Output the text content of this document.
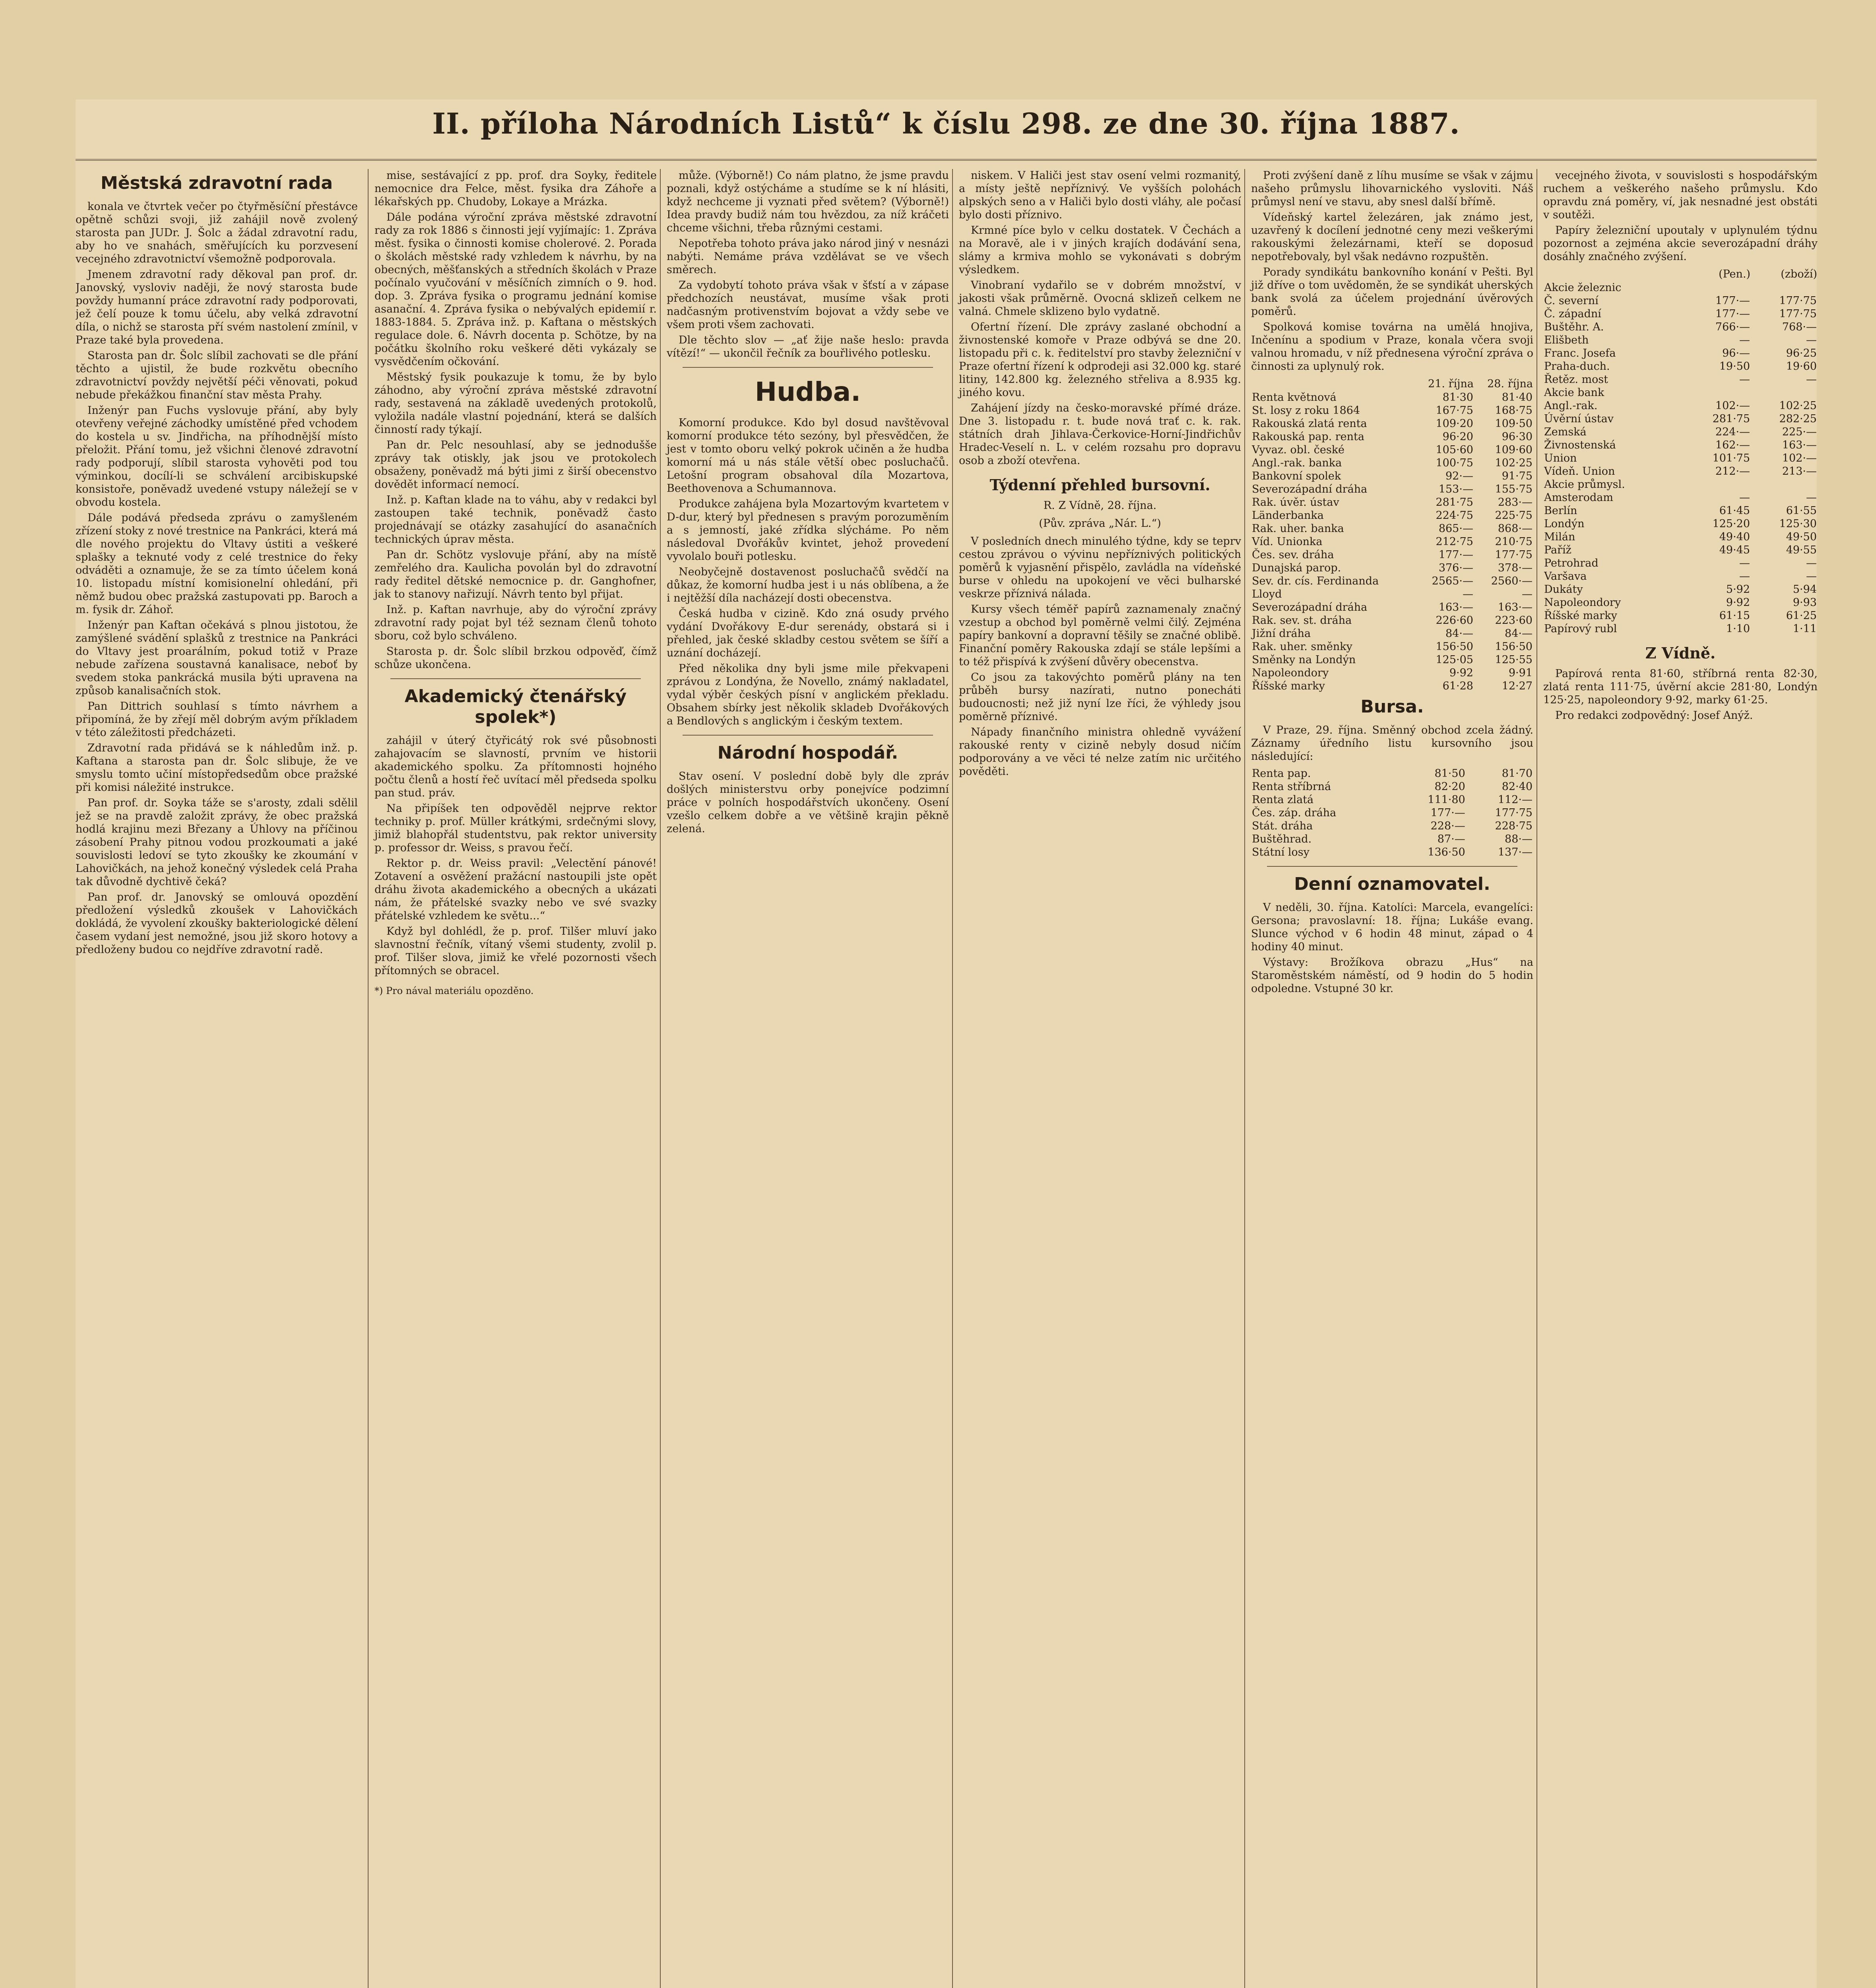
II. příloha Národních Listů“ k číslu 298. ze dne 30. října 1887.
Městská zdravotní rada

konala ve čtvrtek večer po čtyřměsíční přestávce opětně schůzi svoji, již zahájil nově zvolený starosta pan JUDr. J. Šolc a žádal zdravotní radu, aby ho ve snahách, směřujících ku porzvesení vecejného zdravotnictví všemožně podporovala.

Jmenem zdravotní rady děkoval pan prof. dr. Janovský, vysloviv naději, že nový starosta bude povždy humanní práce zdravotní rady podporovati, jež čelí pouze k tomu účelu, aby velká zdravotní díla, o nichž se starosta pří svém nastolení zmínil, v Praze také byla provedena.

Starosta pan dr. Šolc slíbil zachovati se dle přání těchto a ujistil, že bude rozkvětu obecního zdravotnictví povždy největší péči věnovati, pokud nebude překážkou finanční stav města Prahy.

Inženýr pan Fuchs vyslovuje přání, aby byly otevřeny veřejné záchodky umístěné před vchodem do kostela u sv. Jindřicha, na příhodnější místo přeložit. Přání tomu, jež všichni členové zdravotní rady podporují, slíbil starosta vyhověti pod tou výminkou, docílí-li se schválení arcibiskupské konsistoře, poněvadž uvedené vstupy náležejí se v obvodu kostela.

Dále podává předseda zprávu o zamyšleném zřízení stoky z nové trestnice na Pankráci, která má dle nového projektu do Vltavy ústiti a veškeré splašky a teknuté vody z celé trestnice do řeky odváděti a oznamuje, že se za tímto účelem koná 10. listopadu místní komisionelní ohledání, při němž budou obec pražská zastupovati pp. Baroch a m. fysik dr. Záhoř.

Inženýr pan Kaftan očekává s plnou jistotou, že zamýšlené svádění splašků z trestnice na Pankráci do Vltavy jest proarálním, pokud totiž v Praze nebude zařízena soustavná kanalisace, neboť by svedem stoka pankrácká musila býti upravena na způsob kanalisačních stok.

Pan Dittrich souhlasí s tímto návrhem a připomíná, že by zřejí měl dobrým avým příkladem v této záležitosti předcházeti.

Zdravotní rada přidává se k náhledům inž. p. Kaftana a starosta pan dr. Šolc slibuje, že ve smyslu tomto učiní místopředsedům obce pražské při komisi náležité instrukce.

Pan prof. dr. Soyka táže se s'arosty, zdali sdělil jež se na pravdě založit zprávy, že obec pražská hodlá krajinu mezi Březany a Úhlovy na příčinou zásobení Prahy pitnou vodou prozkoumati a jaké souvislosti ledoví se tyto zkoušky ke zkoumání v Lahovičkách, na jehož konečný výsledek celá Praha tak důvodně dychtivě čeká?

Pan prof. dr. Janovský se omlouvá opozdění předložení výsledků zkoušek v Lahovičkách dokládá, že vyvolení zkoušky bakteriologické dělení časem vydaní jest nemožné, jsou již skoro hotovy a předloženy budou co nejdříve zdravotní radě.

mise, sestávající z pp. prof. dra Soyky, ředitele nemocnice dra Felce, měst. fysika dra Záhoře a lékařských pp. Chudoby, Lokaye a Mrázka.

Dále podána výroční zpráva městské zdravotní rady za rok 1886 s činnosti její vyjímajíc: 1. Zpráva měst. fysika o činnosti komise cholerové. 2. Porada o školách městské rady vzhledem k návrhu, by na obecných, měšťanských a středních školách v Praze počínalo vyučování v měsíčních zimních o 9. hod. dop. 3. Zpráva fysika o programu jednání komise asanační. 4. Zpráva fysika o nebývalých epidemií r. 1883-1884. 5. Zpráva inž. p. Kaftana o městských regulace dole. 6. Návrh docenta p. Schötze, by na počátku školního roku veškeré děti vykázaly se vysvědčením očkování.

Městský fysik poukazuje k tomu, že by bylo záhodno, aby výroční zpráva městské zdravotní rady, sestavená na základě uvedených protokolů, vyložila nadále vlastní pojednání, která se dalších činností rady týkají.

Pan dr. Pelc nesouhlasí, aby se jednodušše zprávy tak otiskly, jak jsou ve protokolech obsaženy, poněvadž má býti jimi z širší obecenstvo dovědět informací nemocí.

Inž. p. Kaftan klade na to váhu, aby v redakci byl zastoupen také technik, poněvadž často projednávají se otázky zasahující do asanačních technických úprav města.

Pan dr. Schötz vyslovuje přání, aby na místě zemřelého dra. Kaulicha povolán byl do zdravotní rady ředitel dětské nemocnice p. dr. Ganghofner, jak to stanovy nařizují. Návrh tento byl přijat.

Inž. p. Kaftan navrhuje, aby do výroční zprávy zdravotní rady pojat byl též seznam členů tohoto sboru, což bylo schváleno.

Starosta p. dr. Šolc slíbil brzkou odpověď, čímž schůze ukončena.

Akademický čtenářský spolek*)

zahájil v úterý čtyřicátý rok své působnosti zahajovacím se slavností, prvním ve historii akademického spolku. Za přítomnosti hojného počtu členů a hostí řeč uvítací měl předseda spolku pan stud. práv.

Na připíšek ten odpověděl nejprve rektor techniky p. prof. Müller krátkými, srdečnými slovy, jimiž blahopřál studentstvu, pak rektor university p. professor dr. Weiss, s pravou řečí.

Rektor p. dr. Weiss pravil: „Velectění pánové! Zotavení a osvěžení pražácní nastoupili jste opět dráhu života akademického a obecných a ukázati nám, že přátelské svazky nebo ve své svazky přátelské vzhledem ke světu...“

Když byl dohlédl, že p. prof. Tilšer mluví jako slavnostní řečník, vítaný všemi studenty, zvolil p. prof. Tilšer slova, jimiž ke vřelé pozornosti všech přítomných se obracel.

*) Pro nával materiálu opozděno.

může. (Výborně!) Co nám platno, že jsme pravdu poznali, když ostýcháme a studíme se k ní hlásiti, když nechceme ji vyznati před světem? (Výborně!) Idea pravdy budiž nám tou hvězdou, za níž kráčeti chceme všichni, třeba různými cestami.

Nepotřeba tohoto práva jako národ jiný v nesnázi nabýti. Nemáme práva vzdělávat se ve všech směrech.

Za vydobytí tohoto práva však v šťstí a v zápase předchozích neustávat, musíme však proti nadčasným protivenstvím bojovat a vždy sebe ve všem proti všem zachovati.

Dle těchto slov — „ať žije naše heslo: pravda vítězí!“ — ukončil řečník za bouřlivého potlesku.

Hudba.

Komorní produkce. Kdo byl dosud navštěvoval komorní produkce této sezóny, byl přesvědčen, že jest v tomto oboru velký pokrok učiněn a že hudba komorní má u nás stále větší obec posluchačů. Letošní program obsahoval díla Mozartova, Beethovenova a Schumannova.

Produkce zahájena byla Mozartovým kvartetem v D-dur, který byl přednesen s pravým porozuměním a s jemností, jaké zřídka slýcháme. Po něm následoval Dvořákův kvintet, jehož provedení vyvolalo bouři potlesku.

Neobyčejně dostavenost posluchačů svědčí na důkaz, že komorní hudba jest i u nás oblíbena, a že i nejtěžší díla nacházejí dosti obecenstva.

Česká hudba v cizině. Kdo zná osudy prvého vydání Dvořákovy E-dur serenády, obstará si i přehled, jak české skladby cestou světem se šíří a uznání docházejí.

Před několika dny byli jsme mile překvapeni zprávou z Londýna, že Novello, známý nakladatel, vydal výběr českých písní v anglickém překladu. Obsahem sbírky jest několik skladeb Dvořákových a Bendlových s anglickým i českým textem.

Národní hospodář.

Stav osení. V poslední době byly dle zpráv došlých ministerstvu orby ponejvíce podzimní práce v polních hospodářstvích ukončeny. Osení vzešlo celkem dobře a ve většině krajin pěkně zelená.

niskem. V Haliči jest stav osení velmi rozmanitý, a místy ještě nepříznivý. Ve vyšších polohách alpských seno a v Haliči bylo dosti vláhy, ale počasí bylo dosti příznivo.

Krmné píce bylo v celku dostatek. V Čechách a na Moravě, ale i v jiných krajích dodávání sena, slámy a krmiva mohlo se vykonávati s dobrým výsledkem.

Vinobraní vydařilo se v dobrém množství, v jakosti však průměrně. Ovocná sklizeň celkem ne valná. Chmele sklizeno bylo vydatně.

Ofertní řízení. Dle zprávy zaslané obchodní a živnostenské komoře v Praze odbývá se dne 20. listopadu při c. k. ředitelství pro stavby železniční v Praze ofertní řízení k odprodeji asi 32.000 kg. staré litiny, 142.800 kg. železného střeliva a 8.935 kg. jiného kovu.

Zahájení jízdy na česko-moravské přímé dráze. Dne 3. listopadu r. t. bude nová trať c. k. rak. státních drah Jihlava-Čerkovice-Horní-Jindřichův Hradec-Veselí n. L. v celém rozsahu pro dopravu osob a zboží otevřena.

Týdenní přehled bursovní.
R. Z Vídně, 28. října.
(Pův. zpráva „Nár. L.“)

V posledních dnech minulého týdne, kdy se teprv cestou zprávou o vývinu nepříznivých politických poměrů k vyjasnění přispělo, zavládla na vídeňské burse v ohledu na upokojení ve věci bulharské veskrze příznivá nálada.

Kursy všech téměř papírů zaznamenaly značný vzestup a obchod byl poměrně velmi čilý. Zejména papíry bankovní a dopravní těšily se značné oblibě. Finanční poměry Rakouska zdají se stále lepšími a to též přispívá k zvýšení důvěry obecenstva.

Co jsou za takovýchto poměrů plány na ten průběh bursy nazírati, nutno ponecháti budoucnosti; než již nyní lze říci, že výhledy jsou poměrně příznivé.

Nápady finančního ministra ohledně vyvážení rakouské renty v cizině nebyly dosud ničím podporovány a ve věci té nelze zatím nic určitého pověděti.

Proti zvýšení daně z líhu musíme se však v zájmu našeho průmyslu lihovarnického vysloviti. Náš průmysl není ve stavu, aby snesl další břímě.

Vídeňský kartel železáren, jak známo jest, uzavřený k docílení jednotné ceny mezi veškerými rakouskými železárnami, kteří se doposud nepotřebovaly, byl však nedávno rozpuštěn.

Porady syndikátu bankovního konání v Pešti. Byl již dříve o tom uvědoměn, že se syndikát uherských bank svolá za účelem projednání úvěrových poměrů.

Spolková komise továrna na umělá hnojiva, Inčenínu a spodium v Praze, konala včera svoji valnou hromadu, v níž přednesena výroční zpráva o činnosti za uplynulý rok.

	21. října	28. října
Renta květnová	81·30	81·40
St. losy z roku 1864	167·75	168·75
Rakouská zlatá renta	109·20	109·50
Rakouská pap. renta	96·20	96·30
Vyvaz. obl. české	105·60	109·60
Angl.-rak. banka	100·75	102·25
Bankovní spolek	92·—	91·75
Severozápadní dráha	153·—	155·75
Rak. úvěr. ústav	281·75	283·—
Länderbanka	224·75	225·75
Rak. uher. banka	865·—	868·—
Víd. Unionka	212·75	210·75
Čes. sev. dráha	177·—	177·75
Dunajská parop.	376·—	378·—
Sev. dr. cís. Ferdinanda	2565·—	2560·—
Lloyd	—	—
Severozápadní dráha	163·—	163·—
Rak. sev. st. dráha	226·60	223·60
Jižní dráha	84·—	84·—
Rak. uher. směnky	156·50	156·50
Směnky na Londýn	125·05	125·55
Napoleondory	9·92	9·91
Říšské marky	61·28	12·27
Bursa.

V Praze, 29. října. Směnný obchod zcela žádný. Záznamy úředního listu kursovního jsou následující:

Renta pap.	81·50	81·70
Renta stříbrná	82·20	82·40
Renta zlatá	111·80	112·—
Čes. záp. dráha	177·—	177·75
Stát. dráha	228·—	228·75
Buštěhrad.	87·—	88·—
Státní losy	136·50	137·—
Denní oznamovatel.

V neděli, 30. října. Katolíci: Marcela, evangelíci: Gersona; pravoslavní: 18. října; Lukáše evang. Slunce východ v 6 hodin 48 minut, západ o 4 hodiny 40 minut.

Výstavy: Brožíkova obrazu „Hus“ na Staroměstském náměstí, od 9 hodin do 5 hodin odpoledne. Vstupné 30 kr.

vecejného života, v souvislosti s hospodářským ruchem a veškerého našeho průmyslu. Kdo opravdu zná poměry, ví, jak nesnadné jest obstáti v soutěži.

Papíry železniční upoutaly v uplynulém týdnu pozornost a zejména akcie severozápadní dráhy dosáhly značného zvýšení.

	(Pen.)	(zboží)
Akcie železnic		
Č. severní	177·—	177·75
Č. západní	177·—	177·75
Buštěhr. A.	766·—	768·—
Elišbeth	—	—
Franc. Josefa	96·—	96·25
Praha-duch.	19·50	19·60
Řetěz. most	—	—
Akcie bank		
Angl.-rak.	102·—	102·25
Úvěrní ústav	281·75	282·25
Zemská	224·—	225·—
Živnostenská	162·—	163·—
Union	101·75	102·—
Vídeň. Union	212·—	213·—
Akcie průmysl.		
Amsterodam	—	—
Berlín	61·45	61·55
Londýn	125·20	125·30
Milán	49·40	49·50
Paříž	49·45	49·55
Petrohrad	—	—
Varšava	—	—
Dukáty	5·92	5·94
Napoleondory	9·92	9·93
Říšské marky	61·15	61·25
Papírový rubl	1·10	1·11
Z Vídně.

Papírová renta 81·60, stříbrná renta 82·30, zlatá renta 111·75, úvěrní akcie 281·80, Londýn 125·25, napoleondory 9·92, marky 61·25.

Pro redakci zodpovědný: Josef Anýž.
